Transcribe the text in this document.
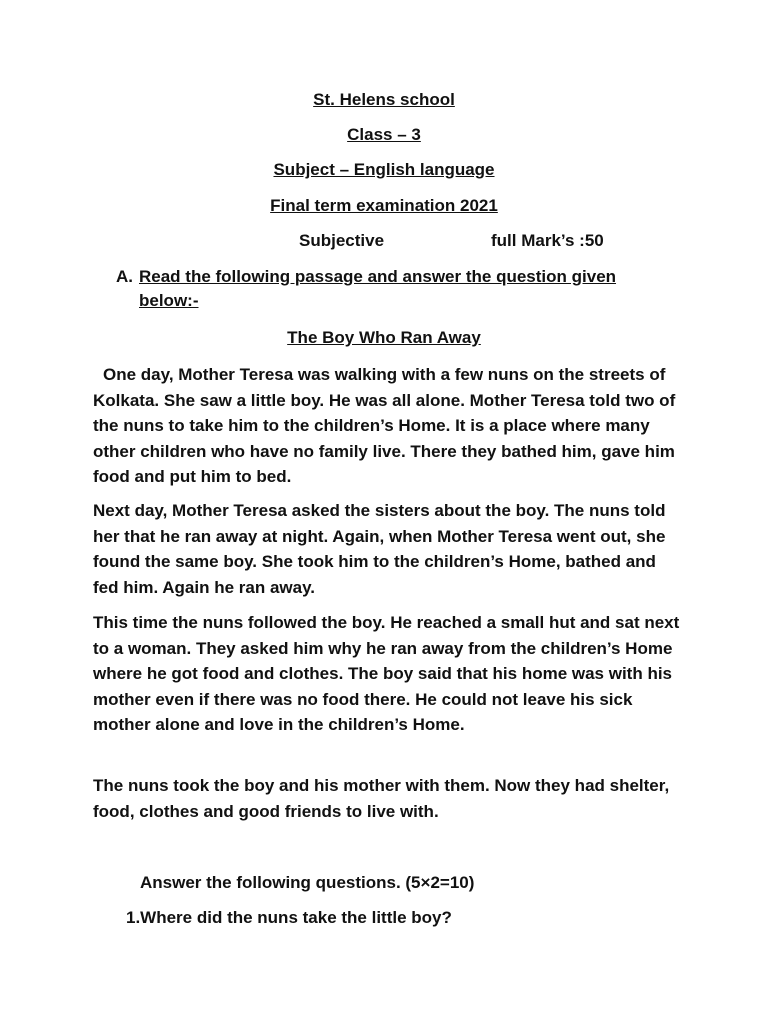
St. Helens school
Class – 3
Subject – English language
Final term examination 2021
Subjective	full Mark’s :50
A. Read the following passage and answer the question given below:-
The Boy Who Ran Away

One day, Mother Teresa was walking with a few nuns on the streets of Kolkata. She saw a little boy. He was all alone. Mother Teresa told two of the nuns to take him to the children’s Home. It is a place where many other children who have no family live. There they bathed him, gave him food and put him to bed.

Next day, Mother Teresa asked the sisters about the boy. The nuns told her that he ran away at night. Again, when Mother Teresa went out, she found the same boy. She took him to the children’s Home, bathed and fed him. Again he ran away.

This time the nuns followed the boy. He reached a small hut and sat next to a woman. They asked him why he ran away from the children’s Home where he got food and clothes. The boy said that his home was with his mother even if there was no food there. He could not leave his sick mother alone and love in the children’s Home.

The nuns took the boy and his mother with them. Now they had shelter, food, clothes and good friends to live with.

Answer the following questions. (5×2=10)
1.Where did the nuns take the little boy?
